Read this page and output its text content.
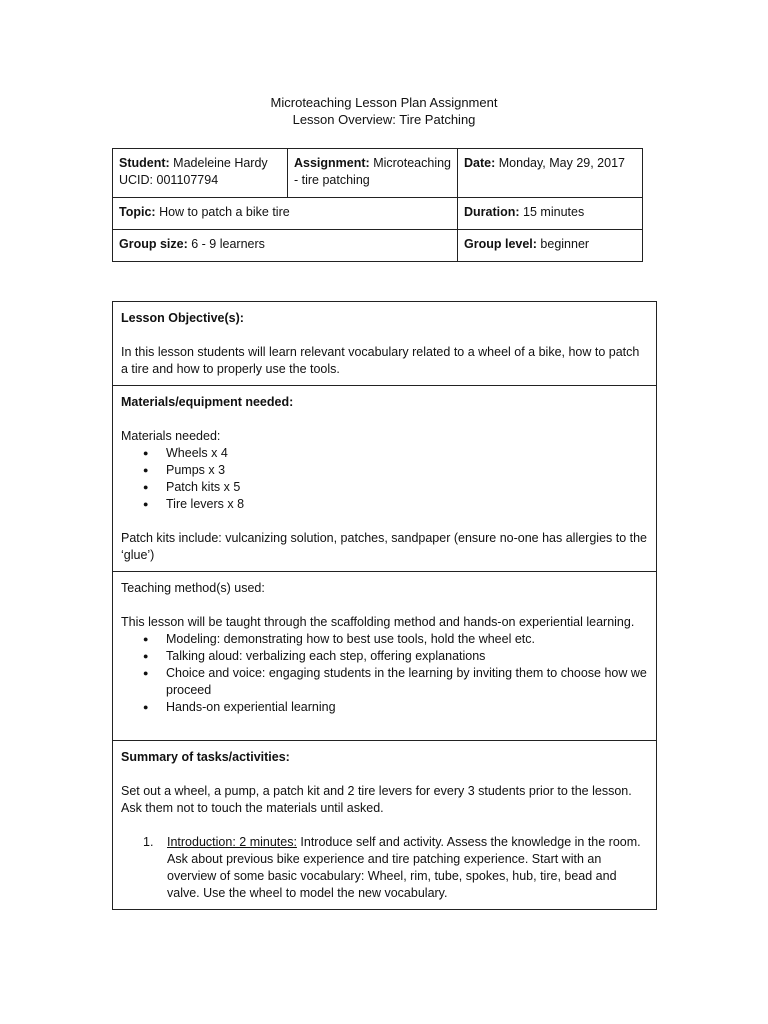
Microteaching Lesson Plan Assignment
Lesson Overview: Tire Patching
Student: Madeleine Hardy
UCID: 001107794	Assignment: Microteaching - tire patching	Date: Monday, May 29, 2017
Topic: How to patch a bike tire		Duration: 15 minutes
Group size: 6 - 9 learners		Group level: beginner

Lesson Objective(s):

In this lesson students will learn relevant vocabulary related to a wheel of a bike, how to patch a tire and how to properly use the tools.

Materials/equipment needed:

Materials needed:

● Wheels x 4
● Pumps x 3
● Patch kits x 5
● Tire levers x 8

Patch kits include: vulcanizing solution, patches, sandpaper (ensure no-one has allergies to the ‘glue’)

Teaching method(s) used:

This lesson will be taught through the scaffolding method and hands-on experiential learning.

● Modeling: demonstrating how to best use tools, hold the wheel etc.
● Talking aloud: verbalizing each step, offering explanations
● Choice and voice: engaging students in the learning by inviting them to choose how we proceed
● Hands-on experiential learning

Summary of tasks/activities:

Set out a wheel, a pump, a patch kit and 2 tire levers for every 3 students prior to the lesson. Ask them not to touch the materials until asked.

1. Introduction: 2 minutes: Introduce self and activity. Assess the knowledge in the room. Ask about previous bike experience and tire patching experience. Start with an overview of some basic vocabulary: Wheel, rim, tube, spokes, hub, tire, bead and valve. Use the wheel to model the new vocabulary.
